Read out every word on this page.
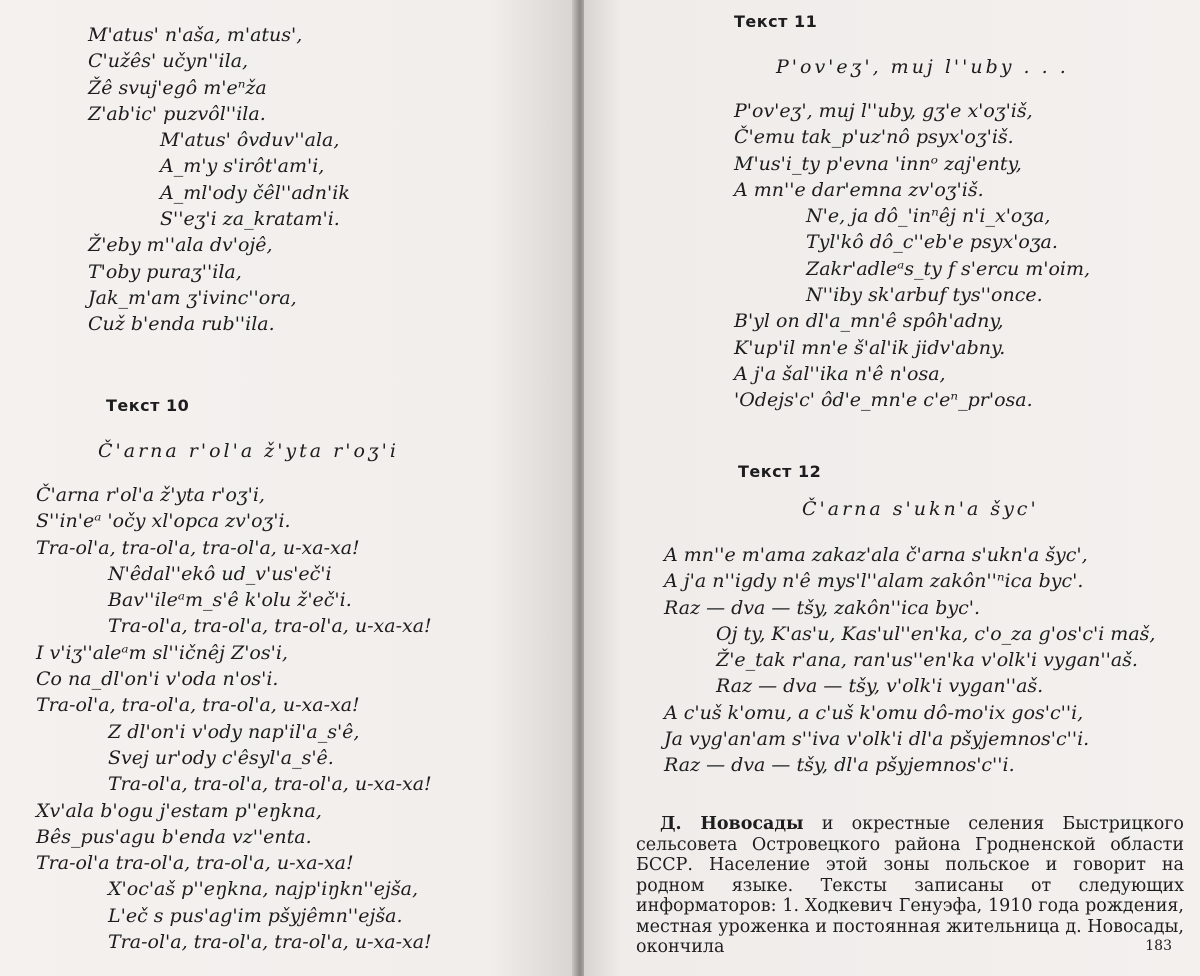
M'atus' n'aša, m'atus',
C'užês' učyn''ila,
Žê svuj'egô m'eⁿža
Z'ab'ic' puzvôl''ila.
M'atus' ôvduv''ala,
A_m'y s'irôt'am'i,
A_ml'ody čêl''adn'ik
S''eʒ'i za_kratam'i.
Ž'eby m''ala dv'ojê,
T'oby puraʒ''ila,
Jak_m'am ʒ'ivinc''ora,
Cuž b'enda rub''ila.
Текст 10
Č'arna r'ol'a ž'yta r'oʒ'i
Č'arna r'ol'a ž'yta r'oʒ'i,
S''in'eᵃ 'očy xl'opca zv'oʒ'i.
Tra-ol'a, tra-ol'a, tra-ol'a, u-xa-xa!
N'êdal''ekô ud_v'us'eč'i
Bav''ileᵃm_s'ê k'olu ž'eč'i.
Tra-ol'a, tra-ol'a, tra-ol'a, u-xa-xa!
I v'iʒ''aleᵃm sl''ičnêj Z'os'i,
Co na_dl'on'i v'oda n'os'i.
Tra-ol'a, tra-ol'a, tra-ol'a, u-xa-xa!
Z dl'on'i v'ody nap'il'a_s'ê,
Svej ur'ody c'êsyl'a_s'ê.
Tra-ol'a, tra-ol'a, tra-ol'a, u-xa-xa!
Xv'ala b'ogu j'estam p''eŋkna,
Bês_pus'agu b'enda vz''enta.
Tra-ol'a tra-ol'a, tra-ol'a, u-xa-xa!
X'oc'aš p''eŋkna, najp'iŋkn''ejša,
L'eč s pus'ag'im pšyjêmn''ejša.
Tra-ol'a, tra-ol'a, tra-ol'a, u-xa-xa!
Текст 11
P'ov'eʒ', muj l''uby . . .
P'ov'eʒ', muj l''uby, gʒ'e x'oʒ'iš,
Č'emu tak_p'uz'nô psyx'oʒ'iš.
M'us'i_ty p'evna 'innᵒ zaj'enty,
A mn''e dar'emna zv'oʒ'iš.
N'e, ja dô_'inⁿêj n'i_x'oʒa,
Tyl'kô dô_c''eb'e psyx'oʒa.
Zakr'adleᵃs_ty f s'ercu m'oim,
N''iby sk'arbuf tys''once.
B'yl on dl'a_mn'ê spôh'adny,
K'up'il mn'e š'al'ik jidv'abny.
A j'a šal''ika n'ê n'osa,
'Odejs'c' ôd'e_mn'e c'eⁿ_pr'osa.
Текст 12
Č'arna s'ukn'a šyc'
A mn''e m'ama zakaz'ala č'arna s'ukn'a šyc',
A j'a n''igdy n'ê mys'l''alam zakôn''ⁿica byc'.
Raz — dva — tšy, zakôn''ica byc'.
Oj ty, K'as'u, Kas'ul''en'ka, c'o_za g'os'c'i maš,
Ž'e_tak r'ana, ran'us''en'ka v'olk'i vygan''aš.
Raz — dva — tšy, v'olk'i vygan''aš.
A c'uš k'omu, a c'uš k'omu dô-mo'ix gos'c''i,
Ja vyg'an'am s''iva v'olk'i dl'a pšyjemnos'c''i.
Raz — dva — tšy, dl'a pšyjemnos'c''i.

Д. Новосады и окрестные селения Быстрицкого сельсовета Островецкого района Гродненской области БССР. Население этой зоны польское и говорит на родном языке. Тексты записаны от следующих информаторов: 1. Ходкевич Генуэфа, 1910 года рождения, местная уроженка и постоянная жительница д. Новосады, окончила	183
